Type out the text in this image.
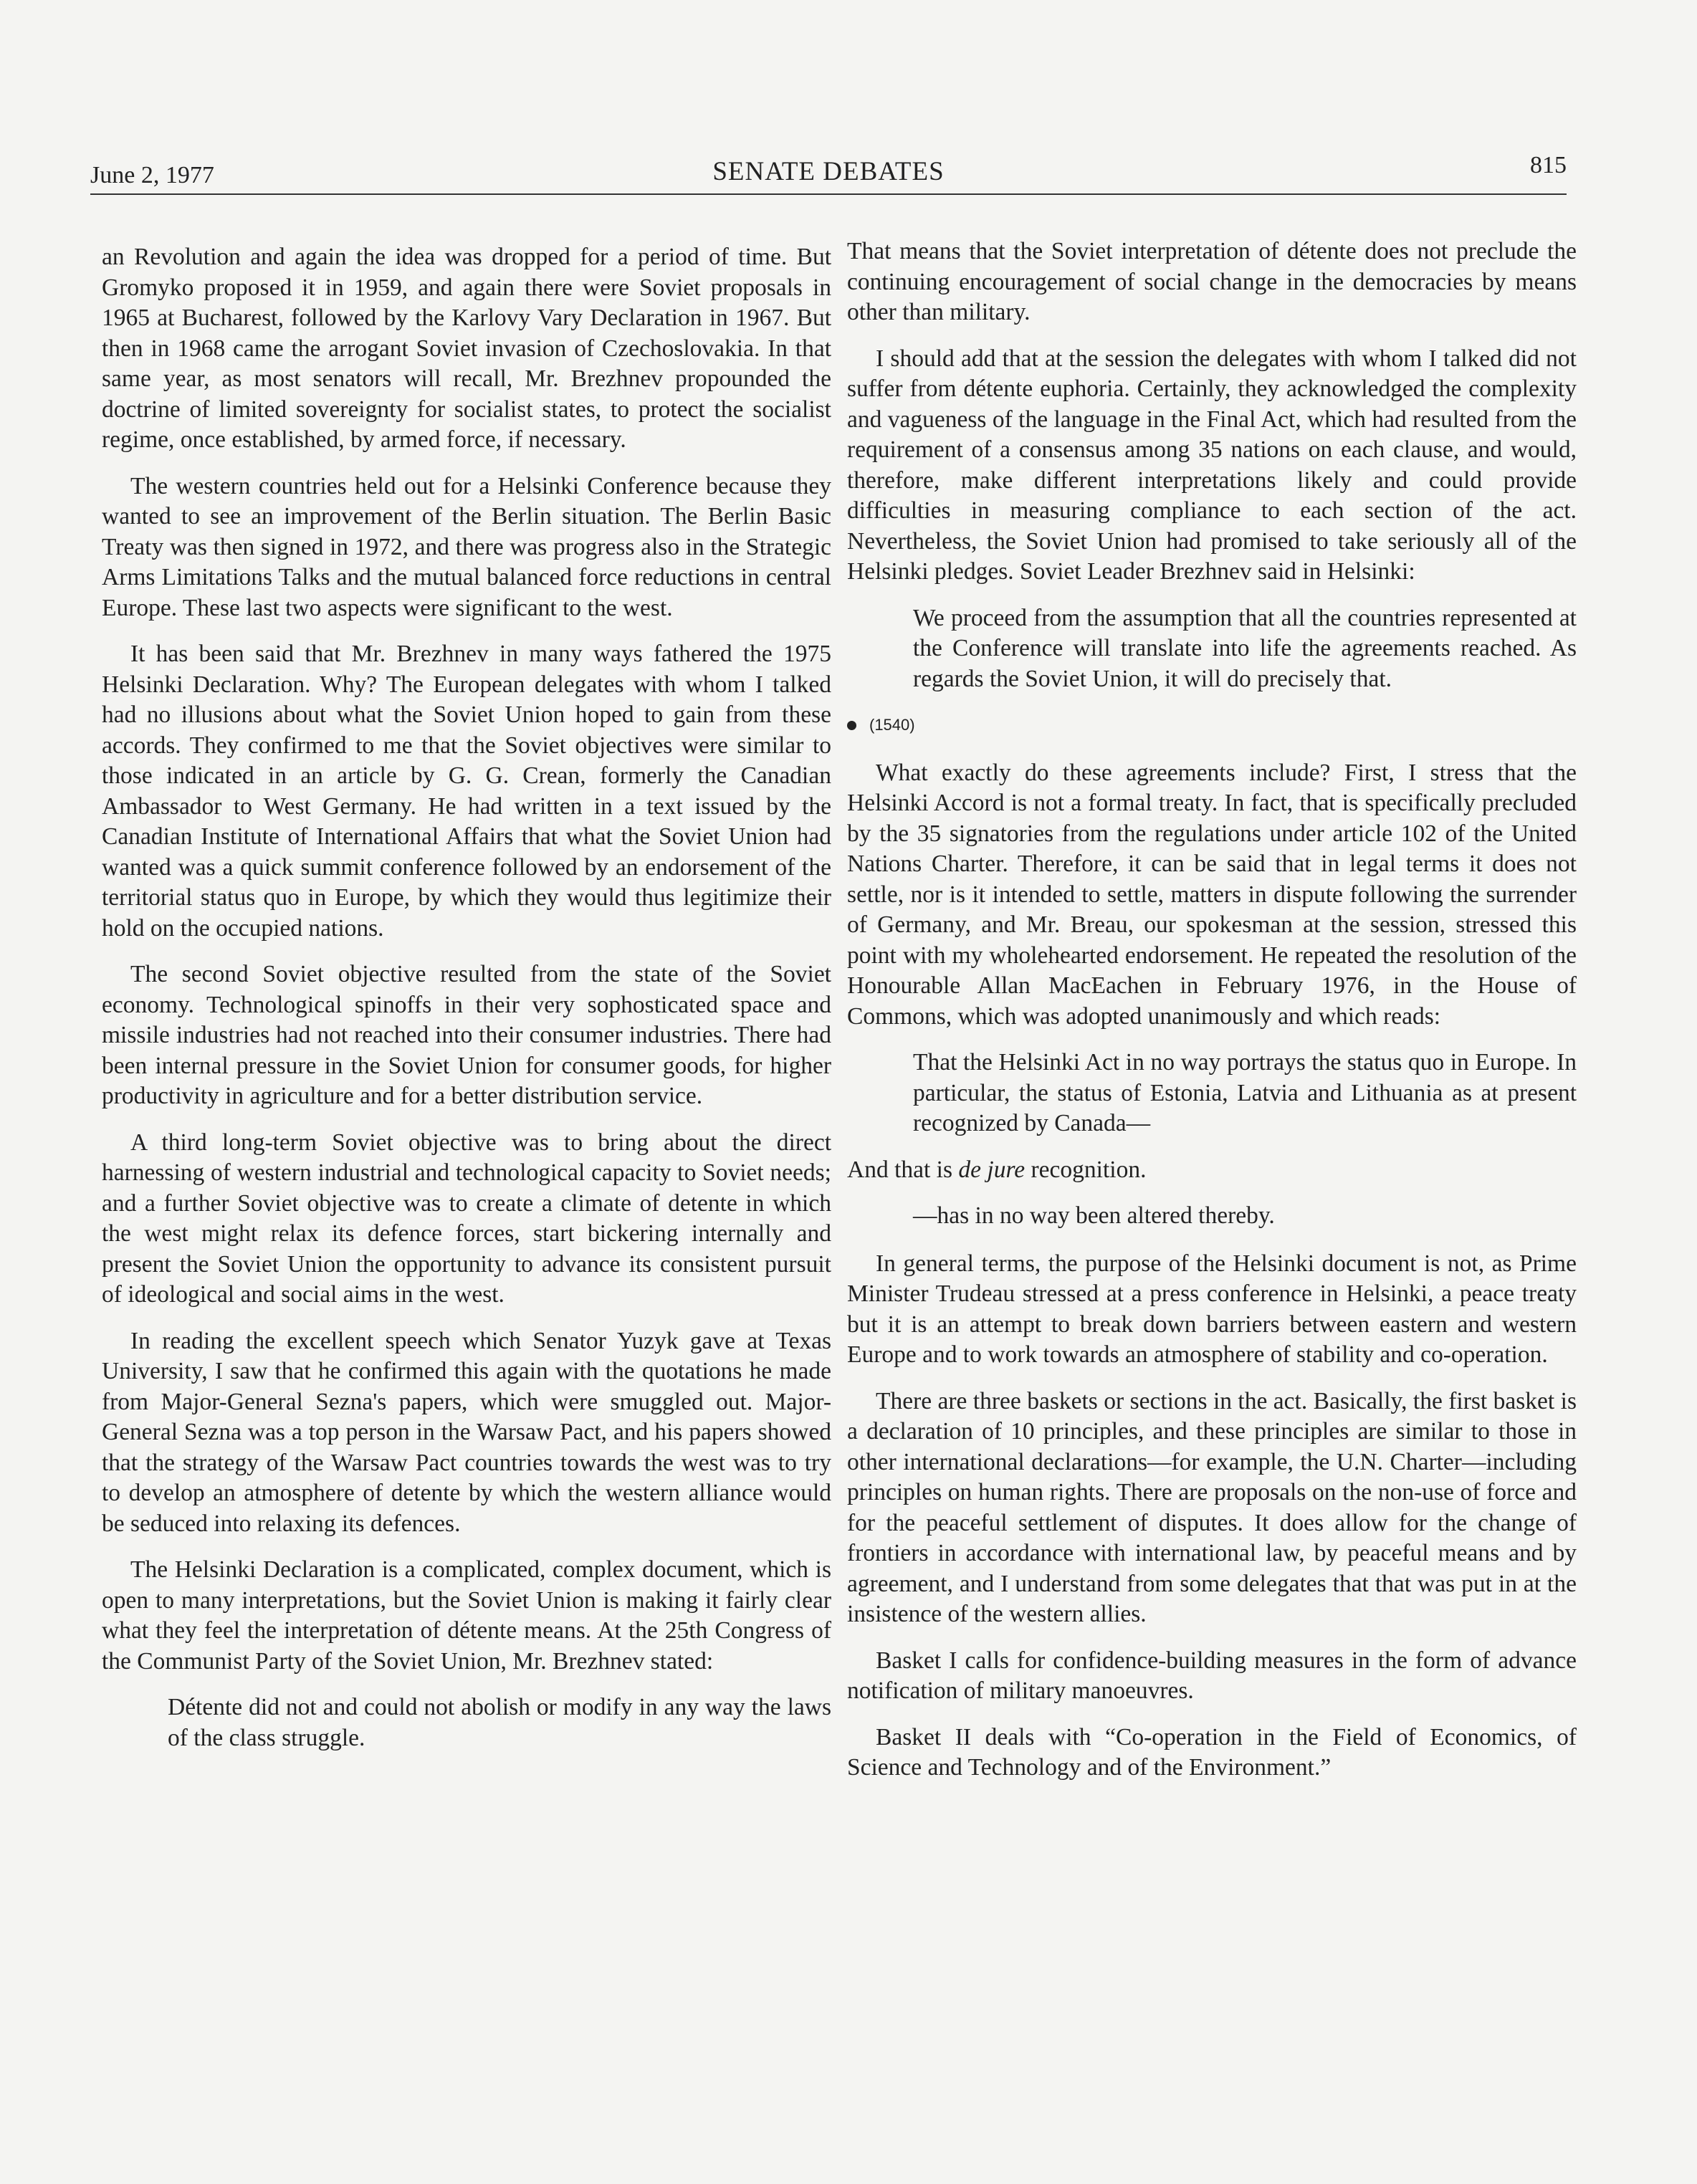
June 2, 1977	SENATE DEBATES	815

an Revolution and again the idea was dropped for a period of time. But Gromyko proposed it in 1959, and again there were Soviet proposals in 1965 at Bucharest, followed by the Karlovy Vary Declaration in 1967. But then in 1968 came the arrogant Soviet invasion of Czechoslovakia. In that same year, as most senators will recall, Mr. Brezhnev propounded the doctrine of limited sovereignty for socialist states, to protect the socialist regime, once established, by armed force, if necessary.

The western countries held out for a Helsinki Conference because they wanted to see an improvement of the Berlin situation. The Berlin Basic Treaty was then signed in 1972, and there was progress also in the Strategic Arms Limitations Talks and the mutual balanced force reductions in central Europe. These last two aspects were significant to the west.

It has been said that Mr. Brezhnev in many ways fathered the 1975 Helsinki Declaration. Why? The European delegates with whom I talked had no illusions about what the Soviet Union hoped to gain from these accords. They confirmed to me that the Soviet objectives were similar to those indicated in an article by G. G. Crean, formerly the Canadian Ambassador to West Germany. He had written in a text issued by the Canadian Institute of International Affairs that what the Soviet Union had wanted was a quick summit conference followed by an endorsement of the territorial status quo in Europe, by which they would thus legitimize their hold on the occupied nations.

The second Soviet objective resulted from the state of the Soviet economy. Technological spinoffs in their very sophosticated space and missile industries had not reached into their consumer industries. There had been internal pressure in the Soviet Union for consumer goods, for higher productivity in agriculture and for a better distribution service.

A third long-term Soviet objective was to bring about the direct harnessing of western industrial and technological capacity to Soviet needs; and a further Soviet objective was to create a climate of detente in which the west might relax its defence forces, start bickering internally and present the Soviet Union the opportunity to advance its consistent pursuit of ideological and social aims in the west.

In reading the excellent speech which Senator Yuzyk gave at Texas University, I saw that he confirmed this again with the quotations he made from Major-General Sezna's papers, which were smuggled out. Major-General Sezna was a top person in the Warsaw Pact, and his papers showed that the strategy of the Warsaw Pact countries towards the west was to try to develop an atmosphere of detente by which the western alliance would be seduced into relaxing its defences.

The Helsinki Declaration is a complicated, complex document, which is open to many interpretations, but the Soviet Union is making it fairly clear what they feel the interpretation of détente means. At the 25th Congress of the Communist Party of the Soviet Union, Mr. Brezhnev stated:

Détente did not and could not abolish or modify in any way the laws of the class struggle.

That means that the Soviet interpretation of détente does not preclude the continuing encouragement of social change in the democracies by means other than military.

I should add that at the session the delegates with whom I talked did not suffer from détente euphoria. Certainly, they acknowledged the complexity and vagueness of the language in the Final Act, which had resulted from the requirement of a consensus among 35 nations on each clause, and would, therefore, make different interpretations likely and could provide difficulties in measuring compliance to each section of the act. Nevertheless, the Soviet Union had promised to take seriously all of the Helsinki pledges. Soviet Leader Brezhnev said in Helsinki:

We proceed from the assumption that all the countries represented at the Conference will translate into life the agreements reached. As regards the Soviet Union, it will do precisely that.
(1540)

What exactly do these agreements include? First, I stress that the Helsinki Accord is not a formal treaty. In fact, that is specifically precluded by the 35 signatories from the regulations under article 102 of the United Nations Charter. Therefore, it can be said that in legal terms it does not settle, nor is it intended to settle, matters in dispute following the surrender of Germany, and Mr. Breau, our spokesman at the session, stressed this point with my wholehearted endorsement. He repeated the resolution of the Honourable Allan MacEachen in February 1976, in the House of Commons, which was adopted unanimously and which reads:

That the Helsinki Act in no way portrays the status quo in Europe. In particular, the status of Estonia, Latvia and Lithuania as at present recognized by Canada—

And that is de jure recognition.

—has in no way been altered thereby.

In general terms, the purpose of the Helsinki document is not, as Prime Minister Trudeau stressed at a press conference in Helsinki, a peace treaty but it is an attempt to break down barriers between eastern and western Europe and to work towards an atmosphere of stability and co-operation.

There are three baskets or sections in the act. Basically, the first basket is a declaration of 10 principles, and these principles are similar to those in other international declarations—for example, the U.N. Charter—including principles on human rights. There are proposals on the non-use of force and for the peaceful settlement of disputes. It does allow for the change of frontiers in accordance with international law, by peaceful means and by agreement, and I understand from some delegates that that was put in at the insistence of the western allies.

Basket I calls for confidence-building measures in the form of advance notification of military manoeuvres.

Basket II deals with “Co-operation in the Field of Economics, of Science and Technology and of the Environment.”
